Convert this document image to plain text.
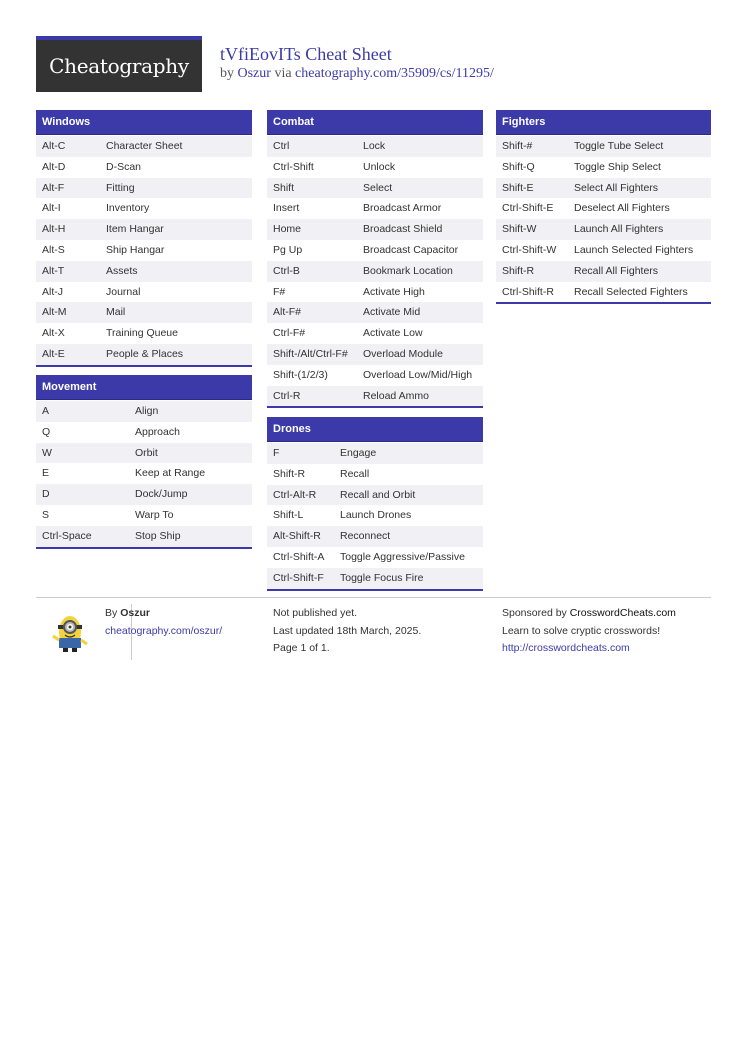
Cheatography	tVfiEovITs Cheat Sheet
by Oszur via cheatography.com/35909/cs/11295/
Windows
Alt-C	Character Sheet
Alt-D	D-Scan
Alt-F	Fitting
Alt-I	Inventory
Alt-H	Item Hangar
Alt-S	Ship Hangar
Alt-T	Assets
Alt-J	Journal
Alt-M	Mail
Alt-X	Training Queue
Alt-E	People & Places
Movement
A	Align
Q	Approach
W	Orbit
E	Keep at Range
D	Dock/Jump
S	Warp To
Ctrl-Space	Stop Ship
Combat
Ctrl	Lock
Ctrl-Shift	Unlock
Shift	Select
Insert	Broadcast Armor
Home	Broadcast Shield
Pg Up	Broadcast Capacitor
Ctrl-B	Bookmark Location
F#	Activate High
Alt-F#	Activate Mid
Ctrl-F#	Activate Low
Shift-/Alt/Ctrl-F# Overload Module
Shift-(1/2/3)	Overload Low/Mid/High
Ctrl-R	Reload Ammo
Drones
F	Engage
Shift-R	Recall
Ctrl-Alt-R Recall and Orbit
Shift-L	Launch Drones
Alt-Shift-R Reconnect
Ctrl-Shift-A Toggle Aggressive/Passive
Ctrl-Shift-F Toggle Focus Fire
Fighters
Shift-#	Toggle Tube Select
Shift-Q	Toggle Ship Select
Shift-E	Select All Fighters
Ctrl-Shift-E Deselect All Fighters
Shift-W	Launch All Fighters
Ctrl-Shift-W Launch Selected Fighters
Shift-R	Recall All Fighters
Ctrl-Shift-R Recall Selected Fighters
By Oszur
cheatography.com/oszur/
Not published yet.
Last updated 18th March, 2025.
Page 1 of 1.
Sponsored by CrosswordCheats.com
Learn to solve cryptic crosswords!
http://crosswordcheats.com
